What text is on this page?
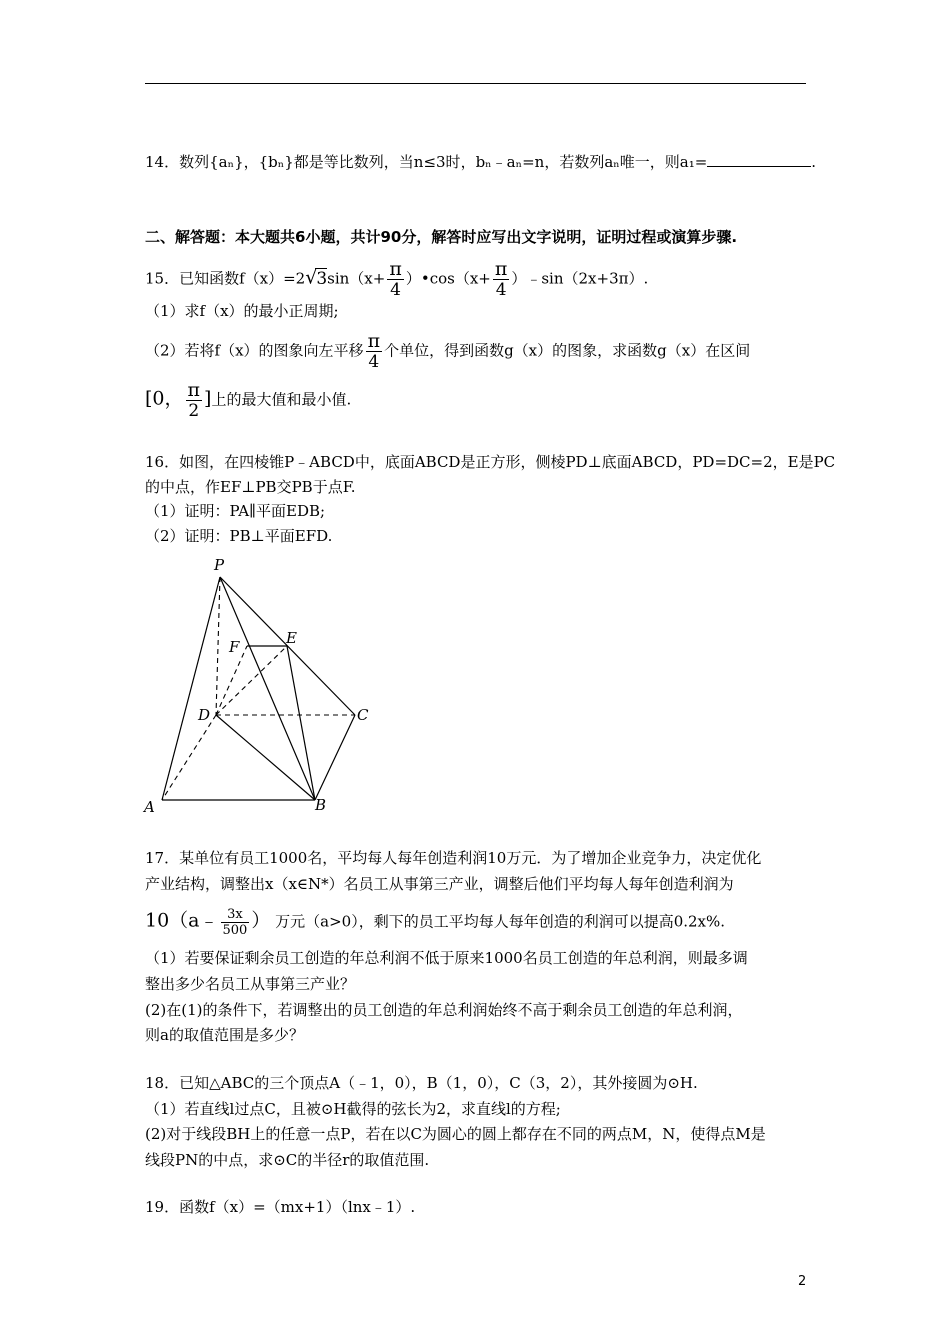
14．数列{aₙ}，{bₙ}都是等比数列，当n≤3时，bₙ﹣aₙ=n，若数列aₙ唯一，则a₁=	.
二、解答题：本大题共6小题，共计90分，解答时应写出文字说明，证明过程或演算步骤.
15．已知函数$f(x)=2√3\sin(x+ \frac{\pi}{4}$ ）•cos（x+ $\frac{\pi}{4}$ ）﹣sin（2x+3π）.
（1）求f（x）的最小正周期;
（2）若将f（x）的图象向左平移 $\frac{\pi}{4}$ 个单位，得到函数g（x）的图象，求函数g（x）在区间
[0， $\frac{\pi}{2}$ ]上的最大值和最小值.
16．如图，在四棱锥P﹣ABCD中，底面ABCD是正方形，侧棱PD⊥底面ABCD，PD=DC=2，E是PC
的中点，作EF⊥PB交PB于点F.
（1）证明：PA∥平面EDB;
（2）证明：PB⊥平面EFD.
P
F	E
D	C
A	B
17．某单位有员工1000名，平均每人每年创造利润10万元．为了增加企业竞争力，决定优化
产业结构，调整出x（x∈N*）名员工从事第三产业，调整后他们平均每人每年创造利润为
10（a﹣ $\frac{3x}{500}$ ） 万元（a>0），剩下的员工平均每人每年创造的利润可以提高0.2x%.
（1）若要保证剩余员工创造的年总利润不低于原来1000名员工创造的年总利润，则最多调
整出多少名员工从事第三产业？
(2)在(1)的条件下，若调整出的员工创造的年总利润始终不高于剩余员工创造的年总利润，
则a的取值范围是多少？
18．已知△ABC的三个顶点A（﹣1，0），B（1，0），C（3，2），其外接圆为⊙H.
（1）若直线l过点C，且被⊙H截得的弦长为2，求直线l的方程;
(2)对于线段BH上的任意一点P，若在以C为圆心的圆上都存在不同的两点M，N，使得点M是
线段PN的中点，求⊙C的半径r的取值范围.
19．函数f（x）=（mx+1）（lnx﹣1）.
2
